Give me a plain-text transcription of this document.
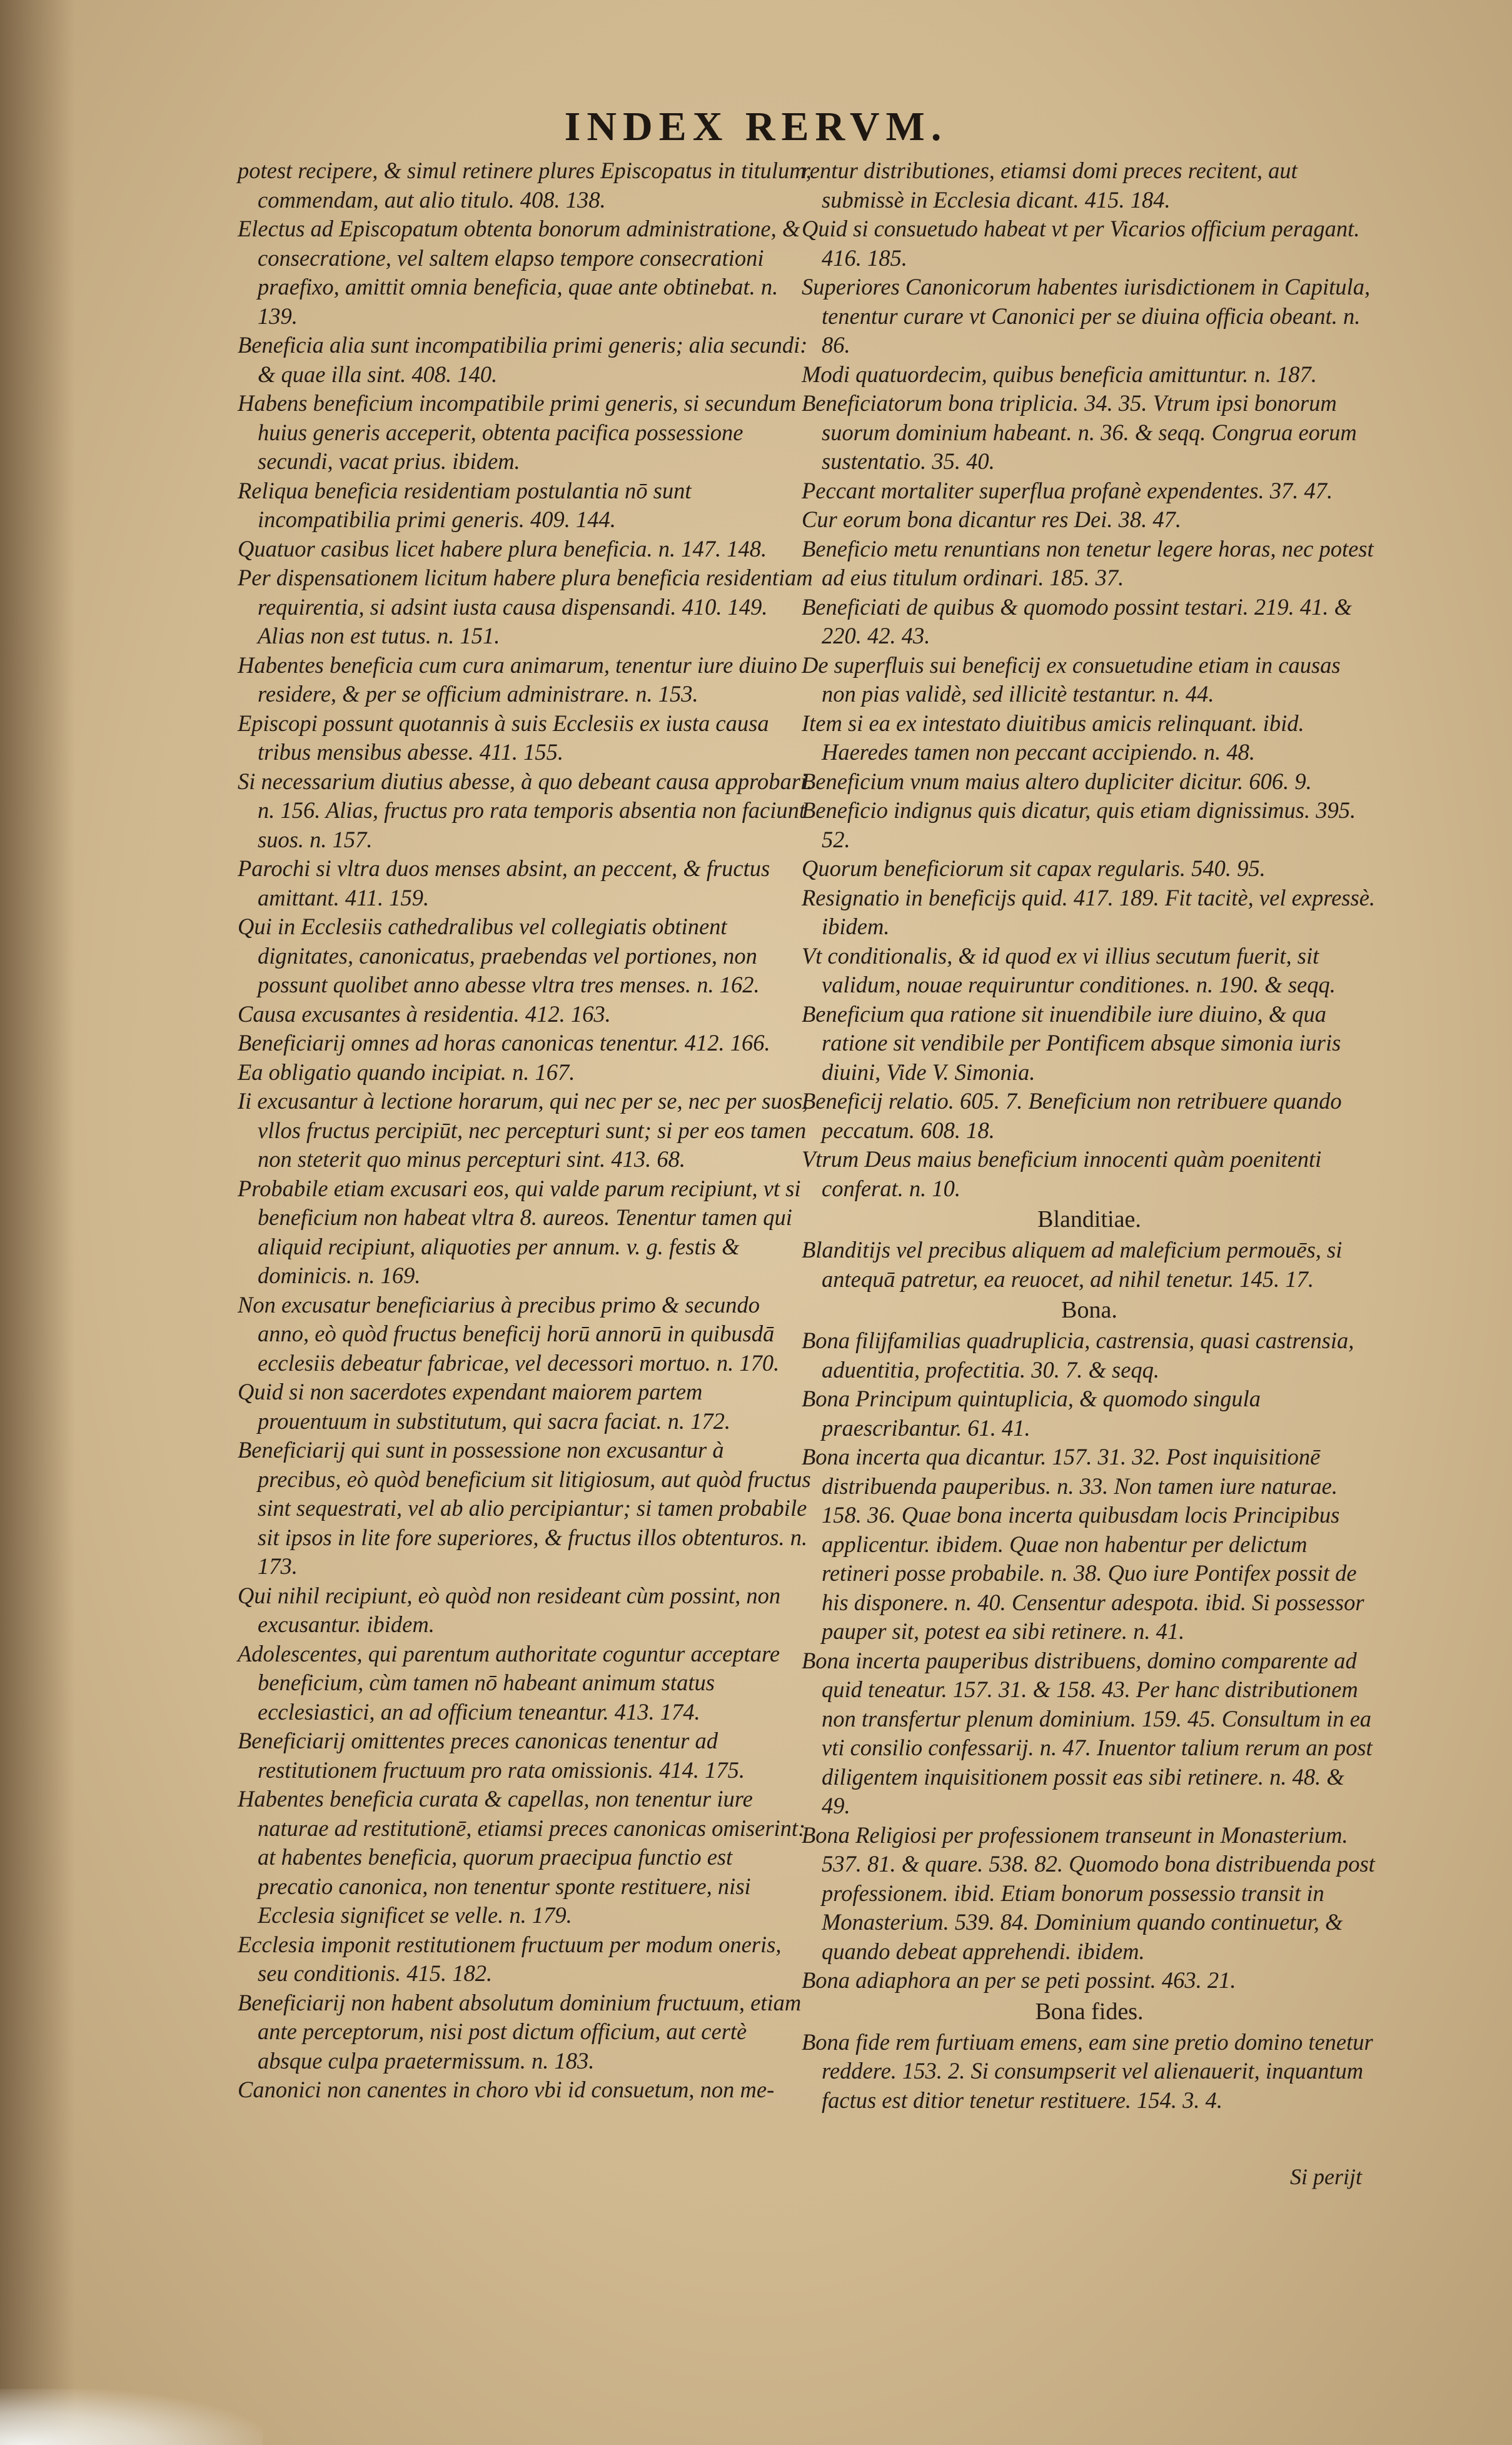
INDEX RERVM.

potest recipere, & simul retinere plures Episcopatus in titulum, commendam, aut alio titulo. 408. 138.

Electus ad Episcopatum obtenta bonorum administratione, & consecratione, vel saltem elapso tempore consecrationi praefixo, amittit omnia beneficia, quae ante obtinebat. n. 139.

Beneficia alia sunt incompatibilia primi generis; alia secundi: & quae illa sint. 408. 140.

Habens beneficium incompatibile primi generis, si secundum huius generis acceperit, obtenta pacifica possessione secundi, vacat prius. ibidem.

Reliqua beneficia residentiam postulantia nō sunt incompatibilia primi generis. 409. 144.

Quatuor casibus licet habere plura beneficia. n. 147. 148.

Per dispensationem licitum habere plura beneficia residentiam requirentia, si adsint iusta causa dispensandi. 410. 149. Alias non est tutus. n. 151.

Habentes beneficia cum cura animarum, tenentur iure diuino residere, & per se officium administrare. n. 153.

Episcopi possunt quotannis à suis Ecclesiis ex iusta causa tribus mensibus abesse. 411. 155.

Si necessarium diutius abesse, à quo debeant causa approbari. n. 156. Alias, fructus pro rata temporis absentia non faciunt suos. n. 157.

Parochi si vltra duos menses absint, an peccent, & fructus amittant. 411. 159.

Qui in Ecclesiis cathedralibus vel collegiatis obtinent dignitates, canonicatus, praebendas vel portiones, non possunt quolibet anno abesse vltra tres menses. n. 162.

Causa excusantes à residentia. 412. 163.

Beneficiarij omnes ad horas canonicas tenentur. 412. 166.

Ea obligatio quando incipiat. n. 167.

Ii excusantur à lectione horarum, qui nec per se, nec per suos, vllos fructus percipiūt, nec percepturi sunt; si per eos tamen non steterit quo minus percepturi sint. 413. 68.

Probabile etiam excusari eos, qui valde parum recipiunt, vt si beneficium non habeat vltra 8. aureos. Tenentur tamen qui aliquid recipiunt, aliquoties per annum. v. g. festis & dominicis. n. 169.

Non excusatur beneficiarius à precibus primo & secundo anno, eò quòd fructus beneficij horū annorū in quibusdā ecclesiis debeatur fabricae, vel decessori mortuo. n. 170.

Quid si non sacerdotes expendant maiorem partem prouentuum in substitutum, qui sacra faciat. n. 172.

Beneficiarij qui sunt in possessione non excusantur à precibus, eò quòd beneficium sit litigiosum, aut quòd fructus sint sequestrati, vel ab alio percipiantur; si tamen probabile sit ipsos in lite fore superiores, & fructus illos obtenturos. n. 173.

Qui nihil recipiunt, eò quòd non resideant cùm possint, non excusantur. ibidem.

Adolescentes, qui parentum authoritate coguntur acceptare beneficium, cùm tamen nō habeant animum status ecclesiastici, an ad officium teneantur. 413. 174.

Beneficiarij omittentes preces canonicas tenentur ad restitutionem fructuum pro rata omissionis. 414. 175.

Habentes beneficia curata & capellas, non tenentur iure naturae ad restitutionē, etiamsi preces canonicas omiserint: at habentes beneficia, quorum praecipua functio est precatio canonica, non tenentur sponte restituere, nisi Ecclesia significet se velle. n. 179.

Ecclesia imponit restitutionem fructuum per modum oneris, seu conditionis. 415. 182.

Beneficiarij non habent absolutum dominium fructuum, etiam ante perceptorum, nisi post dictum officium, aut certè absque culpa praetermissum. n. 183.

Canonici non canentes in choro vbi id consuetum, non me-

rentur distributiones, etiamsi domi preces recitent, aut submissè in Ecclesia dicant. 415. 184.

Quid si consuetudo habeat vt per Vicarios officium peragant. 416. 185.

Superiores Canonicorum habentes iurisdictionem in Capitula, tenentur curare vt Canonici per se diuina officia obeant. n. 86.

Modi quatuordecim, quibus beneficia amittuntur. n. 187.

Beneficiatorum bona triplicia. 34. 35. Vtrum ipsi bonorum suorum dominium habeant. n. 36. & seqq. Congrua eorum sustentatio. 35. 40.

Peccant mortaliter superflua profanè expendentes. 37. 47.

Cur eorum bona dicantur res Dei. 38. 47.

Beneficio metu renuntians non tenetur legere horas, nec potest ad eius titulum ordinari. 185. 37.

Beneficiati de quibus & quomodo possint testari. 219. 41. & 220. 42. 43.

De superfluis sui beneficij ex consuetudine etiam in causas non pias validè, sed illicitè testantur. n. 44.

Item si ea ex intestato diuitibus amicis relinquant. ibid. Haeredes tamen non peccant accipiendo. n. 48.

Beneficium vnum maius altero dupliciter dicitur. 606. 9.

Beneficio indignus quis dicatur, quis etiam dignissimus. 395. 52.

Quorum beneficiorum sit capax regularis. 540. 95.

Resignatio in beneficijs quid. 417. 189. Fit tacitè, vel expressè. ibidem.

Vt conditionalis, & id quod ex vi illius secutum fuerit, sit validum, nouae requiruntur conditiones. n. 190. & seqq.

Beneficium qua ratione sit inuendibile iure diuino, & qua ratione sit vendibile per Pontificem absque simonia iuris diuini, Vide V. Simonia.

Beneficij relatio. 605. 7. Beneficium non retribuere quando peccatum. 608. 18.

Vtrum Deus maius beneficium innocenti quàm poenitenti conferat. n. 10.

Blanditiae.

Blanditijs vel precibus aliquem ad maleficium permouēs, si antequā patretur, ea reuocet, ad nihil tenetur. 145. 17.

Bona.

Bona filijfamilias quadruplicia, castrensia, quasi castrensia, aduentitia, profectitia. 30. 7. & seqq.

Bona Principum quintuplicia, & quomodo singula praescribantur. 61. 41.

Bona incerta qua dicantur. 157. 31. 32. Post inquisitionē distribuenda pauperibus. n. 33. Non tamen iure naturae. 158. 36. Quae bona incerta quibusdam locis Principibus applicentur. ibidem. Quae non habentur per delictum retineri posse probabile. n. 38. Quo iure Pontifex possit de his disponere. n. 40. Censentur adespota. ibid. Si possessor pauper sit, potest ea sibi retinere. n. 41.

Bona incerta pauperibus distribuens, domino comparente ad quid teneatur. 157. 31. & 158. 43. Per hanc distributionem non transfertur plenum dominium. 159. 45. Consultum in ea vti consilio confessarij. n. 47. Inuentor talium rerum an post diligentem inquisitionem possit eas sibi retinere. n. 48. & 49.

Bona Religiosi per professionem transeunt in Monasterium. 537. 81. & quare. 538. 82. Quomodo bona distribuenda post professionem. ibid. Etiam bonorum possessio transit in Monasterium. 539. 84. Dominium quando continuetur, & quando debeat apprehendi. ibidem.

Bona adiaphora an per se peti possint. 463. 21.

Bona fides.

Bona fide rem furtiuam emens, eam sine pretio domino tenetur reddere. 153. 2. Si consumpserit vel alienauerit, inquantum factus est ditior tenetur restituere. 154. 3. 4.

Si perijt
